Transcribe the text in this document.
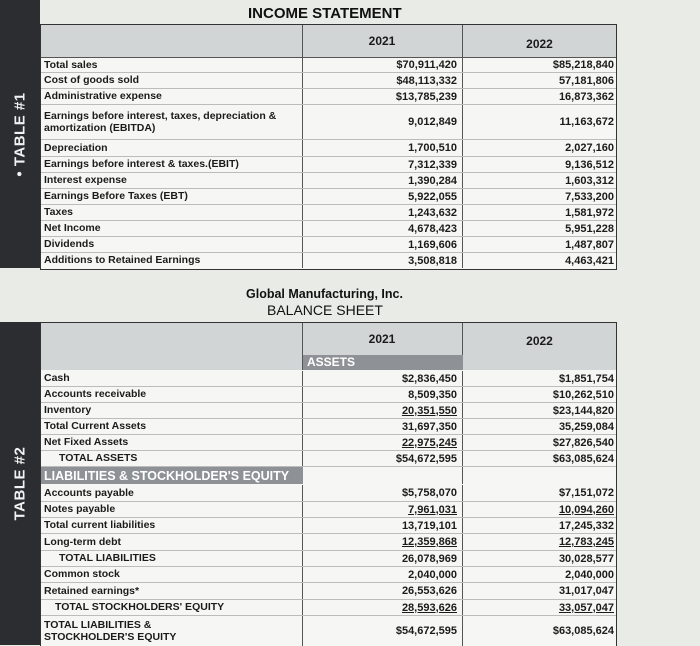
• TABLE #1
INCOME STATEMENT
2021	2022
Total sales	$70,911,420	$85,218,840
Cost of goods sold	$48,113,332	57,181,806
Administrative expense	$13,785,239	16,873,362
Earnings before interest, taxes, depreciation & amortization (EBITDA)	9,012,849	11,163,672
Depreciation	1,700,510	2,027,160
Earnings before interest & taxes.(EBIT)	7,312,339	9,136,512
Interest expense	1,390,284	1,603,312
Earnings Before Taxes (EBT)	5,922,055	7,533,200
Taxes	1,243,632	1,581,972
Net Income	4,678,423	5,951,228
Dividends	1,169,606	1,487,807
Additions to Retained Earnings	3,508,818	4,463,421
Global Manufacturing, Inc.
BALANCE SHEET
TABLE #2
2021	2022
ASSETS
Cash	$2,836,450	$1,851,754
Accounts receivable	8,509,350	$10,262,510
Inventory	20,351,550	$23,144,820
Total Current Assets	31,697,350	35,259,084
Net Fixed Assets	22,975,245	$27,826,540
TOTAL ASSETS	$54,672,595	$63,085,624
LIABILITIES & STOCKHOLDER'S EQUITY
Accounts payable	$5,758,070	$7,151,072
Notes payable	7,961,031	10,094,260
Total current liabilities	13,719,101	17,245,332
Long-term debt	12,359,868	12,783,245
TOTAL LIABILITIES	26,078,969	30,028,577
Common stock	2,040,000	2,040,000
Retained earnings*	26,553,626	31,017,047
TOTAL STOCKHOLDERS' EQUITY	28,593,626	33,057,047
TOTAL LIABILITIES & STOCKHOLDER'S EQUITY	$54,672,595	$63,085,624
